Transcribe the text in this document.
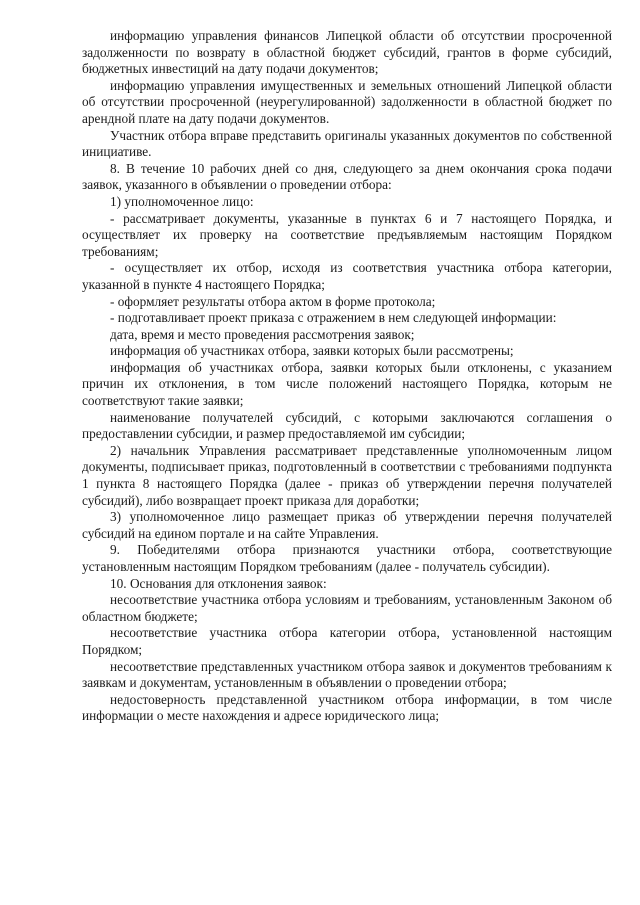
информацию управления финансов Липецкой области об отсутствии просроченной задолженности по возврату в областной бюджет субсидий, грантов в форме субсидий, бюджетных инвестиций на дату подачи документов;

информацию управления имущественных и земельных отношений Липецкой области об отсутствии просроченной (неурегулированной) задолженности в областной бюджет по арендной плате на дату подачи документов.

Участник отбора вправе представить оригиналы указанных документов по собственной инициативе.

8. В течение 10 рабочих дней со дня, следующего за днем окончания срока подачи заявок, указанного в объявлении о проведении отбора:

1) уполномоченное лицо:

- рассматривает документы, указанные в пунктах 6 и 7 настоящего Порядка, и осуществляет их проверку на соответствие предъявляемым настоящим Порядком требованиям;

- осуществляет их отбор, исходя из соответствия участника отбора категории, указанной в пункте 4 настоящего Порядка;

- оформляет результаты отбора актом в форме протокола;

- подготавливает проект приказа с отражением в нем следующей информации:

дата, время и место проведения рассмотрения заявок;

информация об участниках отбора, заявки которых были рассмотрены;

информация об участниках отбора, заявки которых были отклонены, с указанием причин их отклонения, в том числе положений настоящего Порядка, которым не соответствуют такие заявки;

наименование получателей субсидий, с которыми заключаются соглашения о предоставлении субсидии, и размер предоставляемой им субсидии;

2) начальник Управления рассматривает представленные уполномоченным лицом документы, подписывает приказ, подготовленный в соответствии с требованиями подпункта 1 пункта 8 настоящего Порядка (далее - приказ об утверждении перечня получателей субсидий), либо возвращает проект приказа для доработки;

3) уполномоченное лицо размещает приказ об утверждении перечня получателей субсидий на едином портале и на сайте Управления.

9. Победителями отбора признаются участники отбора, соответствующие установленным настоящим Порядком требованиям (далее - получатель субсидии).

10. Основания для отклонения заявок:

несоответствие участника отбора условиям и требованиям, установленным Законом об областном бюджете;

несоответствие участника отбора категории отбора, установленной настоящим Порядком;

несоответствие представленных участником отбора заявок и документов требованиям к заявкам и документам, установленным в объявлении о проведении отбора;

недостоверность представленной участником отбора информации, в том числе информации о месте нахождения и адресе юридического лица;
